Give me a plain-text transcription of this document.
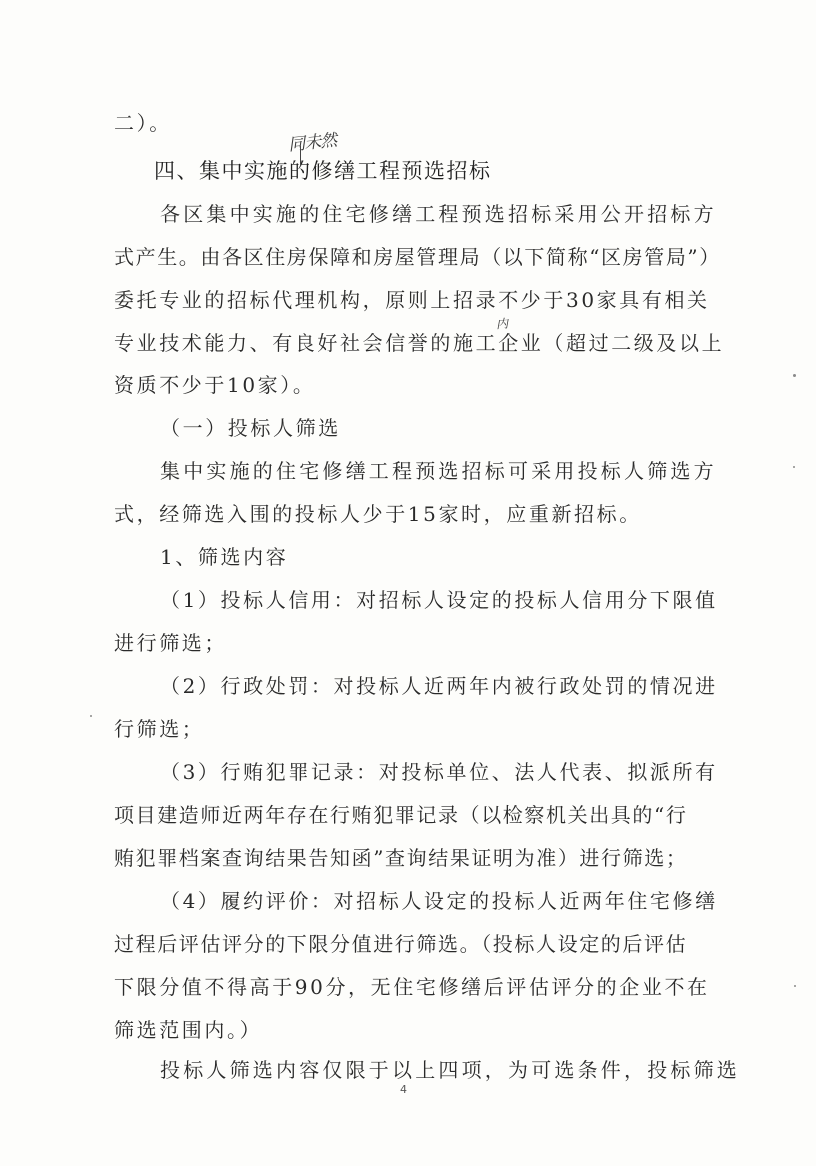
二）。
四、集中实施的修缮工程预选招标
各区集中实施的住宅修缮工程预选招标采用公开招标方
式产生。由各区住房保障和房屋管理局（以下简称“区房管局”）
委托专业的招标代理机构，原则上招录不少于30家具有相关
专业技术能力、有良好社会信誉的施工企业（超过二级及以上
资质不少于10家）。
（一）投标人筛选
集中实施的住宅修缮工程预选招标可采用投标人筛选方
式，经筛选入围的投标人少于15家时，应重新招标。
1、筛选内容
（1）投标人信用：对招标人设定的投标人信用分下限值
进行筛选；
（2）行政处罚：对投标人近两年内被行政处罚的情况进
行筛选；
（3）行贿犯罪记录：对投标单位、法人代表、拟派所有
项目建造师近两年存在行贿犯罪记录（以检察机关出具的“行
贿犯罪档案查询结果告知函”查询结果证明为准）进行筛选；
（4）履约评价：对招标人设定的投标人近两年住宅修缮
过程后评估评分的下限分值进行筛选。（投标人设定的后评估
下限分值不得高于90分，无住宅修缮后评估评分的企业不在
筛选范围内。）
投标人筛选内容仅限于以上四项，为可选条件，投标筛选
同未然
内
4
